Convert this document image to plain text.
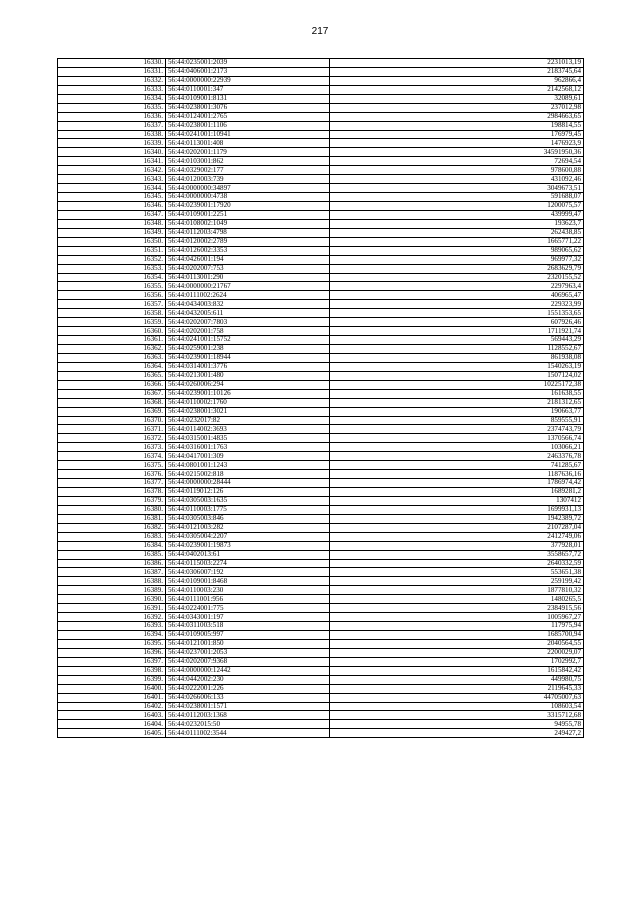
217
16330.	56:44:0235001:2039	2231013,19
16331.	56:44:0406001:2173	2183745,64
16332.	56:44:0000000:22939	962866,4
16333.	56:44:0110001:347	2142568,12
16334.	56:44:0109001:8131	32089,61
16335.	56:44:0238001:3076	237012,98
16336.	56:44:0124001:2765	2984663,65
16337.	56:44:0238001:1106	198814,55
16338.	56:44:0241001:10941	176979,45
16339.	56:44:0113001:408	1476923,9
16340.	56:44:0202001:1179	34591950,36
16341.	56:44:0103001:862	72694,54
16342.	56:44:0329002:177	978600,88
16343.	56:44:0120003:739	431092,46
16344.	56:44:0000000:34897	3049673,51
16345.	56:44:0000000:4738	591688,07
16346.	56:44:0239001:17920	1200075,57
16347.	56:44:0109001:2251	439999,47
16348.	56:44:0108002:1049	193623,7
16349.	56:44:0112003:4798	262438,85
16350.	56:44:0120002:2789	1665771,22
16351.	56:44:0126002:3353	989065,62
16352.	56:44:0426001:194	969977,32
16353.	56:44:0202007:753	2683629,79
16354.	56:44:0113001:290	2320155,52
16355.	56:44:0000000:21767	2297963,4
16356.	56:44:0111002:2624	406965,47
16357.	56:44:0434003:832	229323,99
16358.	56:44:0432005:611	1551353,65
16359.	56:44:0202007:7803	607926,46
16360.	56:44:0202001:758	1711921,74
16361.	56:44:0241001:15752	569443,29
16362.	56:44:0259001:238	1128552,67
16363.	56:44:0239001:18944	861938,08
16364.	56:44:0314001:3776	1540263,19
16365.	56:44:0213001:480	1507124,02
16366.	56:44:0260006:294	10225172,38
16367.	56:44:0239001:10126	161638,55
16368.	56:44:0110002:1760	2181312,65
16369.	56:44:0238001:3021	190663,77
16370.	56:44:0232017:82	859555,91
16371.	56:44:0114002:3693	2374743,79
16372.	56:44:0315001:4835	1370566,74
16373.	56:44:0316001:1763	103066,21
16374.	56:44:0417001:309	2463376,78
16375.	56:44:0801001:1243	741285,67
16376.	56:44:0215002:818	1187636,16
16377.	56:44:0000000:28444	1786974,42
16378.	56:44:0119012:126	1689281,2
16379.	56:44:0305003:1635	1307412
16380.	56:44:0110003:1775	1699931,13
16381.	56:44:0305003:846	1942389,72
16382.	56:44:0121003:282	2107287,04
16383.	56:44:0305004:2207	2412749,06
16384.	56:44:0239001:19873	377928,01
16385.	56:44:0402013:61	3558657,72
16386.	56:44:0115003:2274	2640332,59
16387.	56:44:0306007:192	553651,38
16388.	56:44:0109001:8468	259199,42
16389.	56:44:0110003:230	1877810,32
16390.	56:44:0111001:956	1480265,5
16391.	56:44:0224001:775	2384915,56
16392.	56:44:0343001:197	1005967,27
16393.	56:44:0311003:518	117975,94
16394.	56:44:0109005:997	1685700,94
16395.	56:44:0121001:850	2040564,55
16396.	56:44:0237001:2053	2200029,07
16397.	56:44:0202007:9368	1702992,7
16398.	56:44:0000000:12442	1615842,42
16399.	56:44:0442002:230	449980,75
16400.	56:44:0222001:226	2119645,33
16401.	56:44:0266006:133	44705007,63
16402.	56:44:0238001:1571	108603,54
16403.	56:44:0112003:1368	3315712,68
16404.	56:44:0232015:50	94955,78
16405.	56:44:0111002:3544	249427,2
